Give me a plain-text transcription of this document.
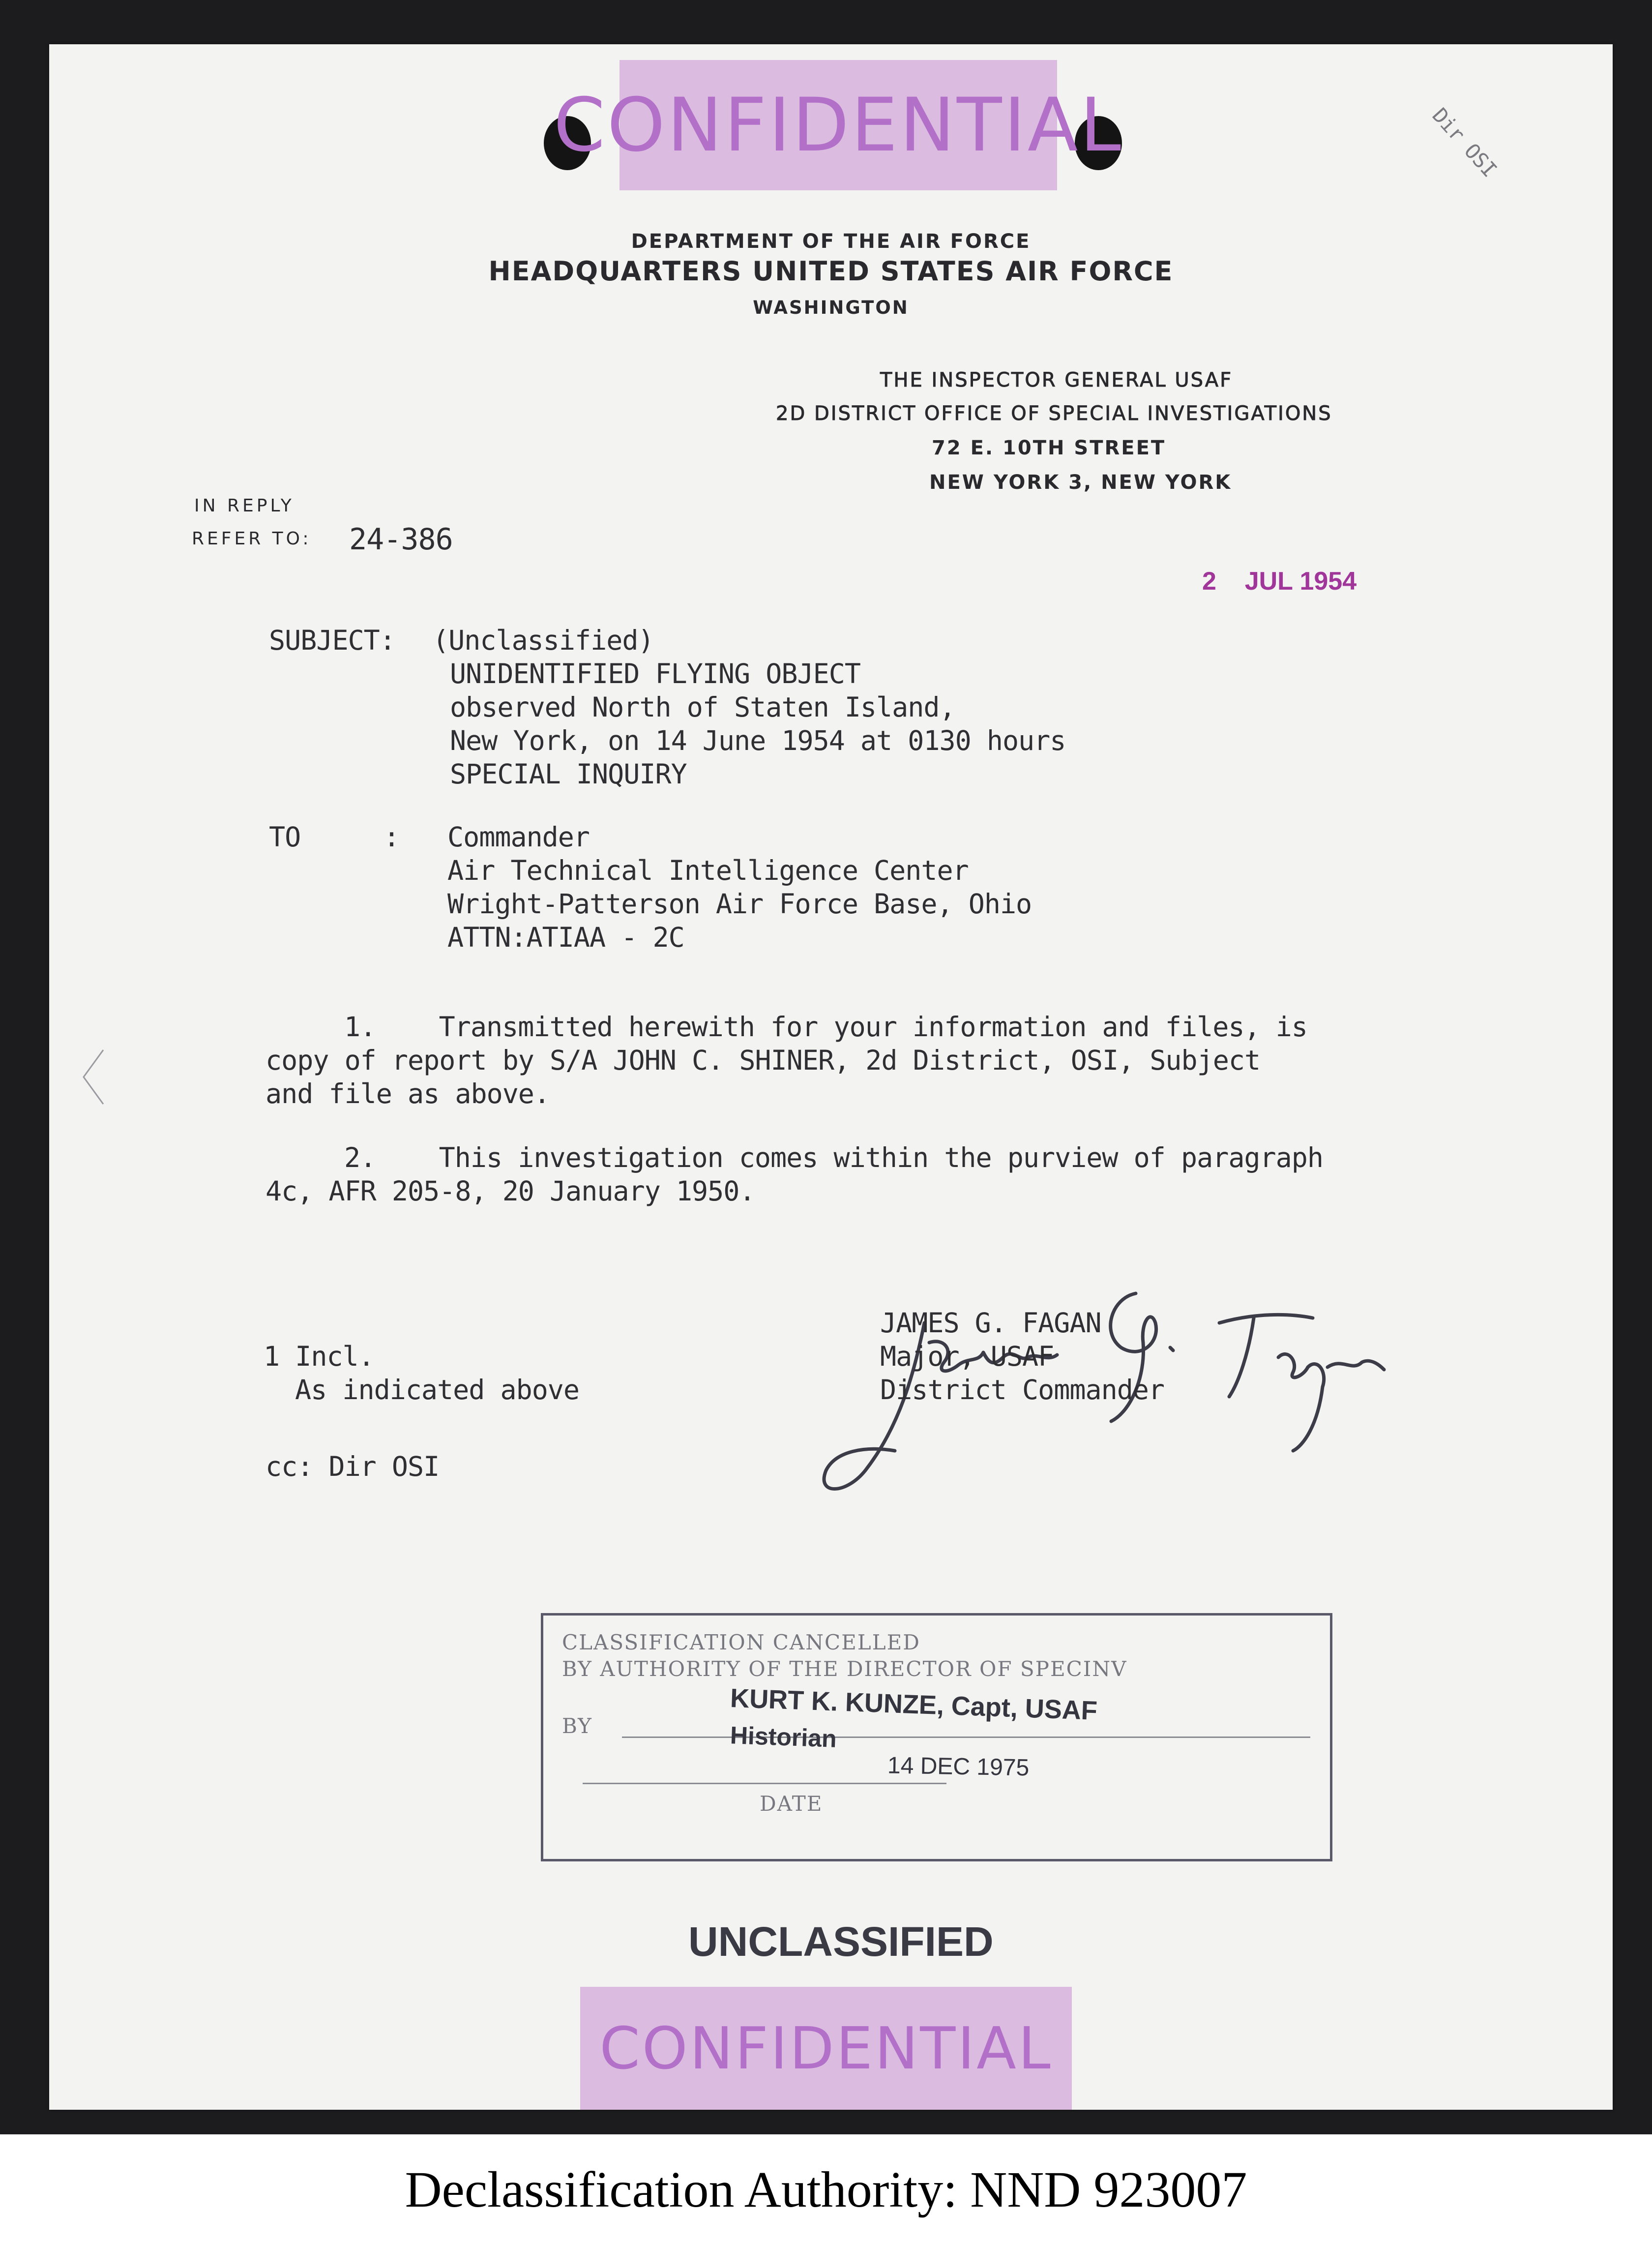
CONFIDENTIAL	Dir OSI
DEPARTMENT OF THE AIR FORCE
HEADQUARTERS UNITED STATES AIR FORCE
WASHINGTON
THE INSPECTOR GENERAL USAF
2D DISTRICT OFFICE OF SPECIAL INVESTIGATIONS
72 E. 10TH STREET
NEW YORK 3, NEW YORK
IN REPLY
REFER TO: 24-386
2    JUL 1954
SUBJECT: (Unclassified)
UNIDENTIFIED FLYING OBJECT
observed North of Staten Island,
New York, on 14 June 1954 at 0130 hours
SPECIAL INQUIRY
TO	: Commander
Air Technical Intelligence Center
Wright-Patterson Air Force Base, Ohio
ATTN:ATIAA - 2C
1.    Transmitted herewith for your information and files, is
copy of report by S/A JOHN C. SHINER, 2d District, OSI, Subject
and file as above.
2.    This investigation comes within the purview of paragraph
4c, AFR 205-8, 20 January 1950.
JAMES G. FAGAN
Major, USAF
District Commander
1 Incl.
As indicated above
cc: Dir OSI
CLASSIFICATION CANCELLED
BY AUTHORITY OF THE DIRECTOR OF SPECINV
BY
KURT K. KUNZE, Capt, USAF
Historian
14 DEC 1975
DATE
UNCLASSIFIED
CONFIDENTIAL
Declassification Authority: NND 923007
